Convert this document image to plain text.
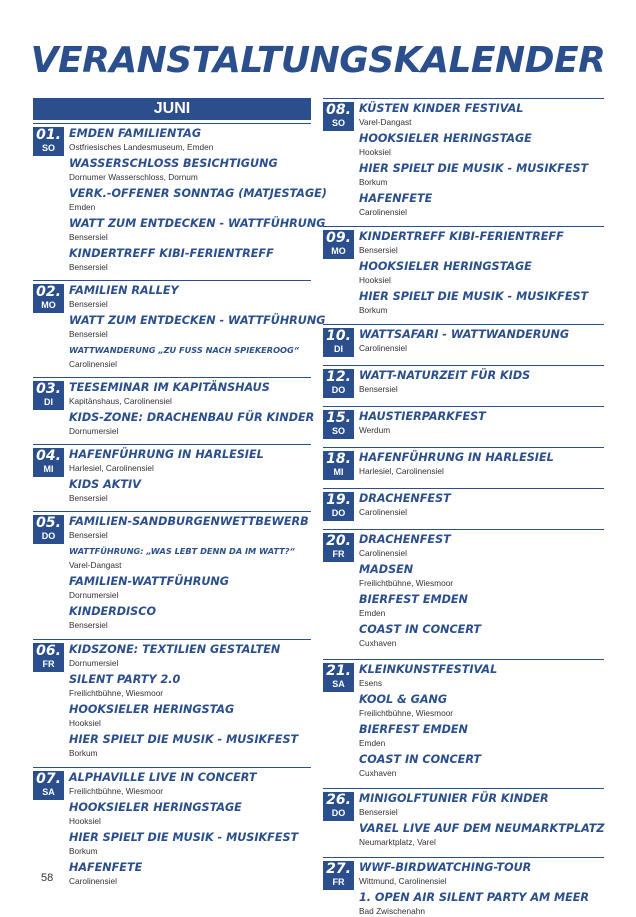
VERANSTALTUNGSKALENDER
JUNI
01.
SO
EMDEN FAMILIENTAG
Ostfriesisches Landesmuseum, Emden
WASSERSCHLOSS BESICHTIGUNG
Dornumer Wasserschloss, Dornum
VERK.-OFFENER SONNTAG (MATJESTAGE)
Emden
WATT ZUM ENTDECKEN - WATTFÜHRUNG
Bensersiel
KINDERTREFF KIBI-FERIENTREFF
Bensersiel
02.
MO
FAMILIEN RALLEY
Bensersiel
WATT ZUM ENTDECKEN - WATTFÜHRUNG
Bensersiel
WATTWANDERUNG „ZU FUSS NACH SPIEKEROOG“
Carolinensiel
03.
DI
TEESEMINAR IM KAPITÄNSHAUS
Kapitänshaus, Carolinensiel
KIDS-ZONE: DRACHENBAU FÜR KINDER
Dornumersiel
04.
MI
HAFENFÜHRUNG IN HARLESIEL
Harlesiel, Carolinensiel
KIDS AKTIV
Bensersiel
05.
DO
FAMILIEN-SANDBURGENWETTBEWERB
Bensersiel
WATTFÜHRUNG: „WAS LEBT DENN DA IM WATT?“
Varel-Dangast
FAMILIEN-WATTFÜHRUNG
Dornumersiel
KINDERDISCO
Bensersiel
06.
FR
KIDSZONE: TEXTILIEN GESTALTEN
Dornumersiel
SILENT PARTY 2.0
Freilichtbühne, Wiesmoor
HOOKSIELER HERINGSTAG
Hooksiel
HIER SPIELT DIE MUSIK - MUSIKFEST
Borkum
07.
SA
ALPHAVILLE LIVE IN CONCERT
Freilichtbühne, Wiesmoor
HOOKSIELER HERINGSTAGE
Hooksiel
HIER SPIELT DIE MUSIK - MUSIKFEST
Borkum
HAFENFETE
Carolinensiel
08.
SO
KÜSTEN KINDER FESTIVAL
Varel-Dangast
HOOKSIELER HERINGSTAGE
Hooksiel
HIER SPIELT DIE MUSIK - MUSIKFEST
Borkum
HAFENFETE
Carolinensiel
09.
MO
KINDERTREFF KIBI-FERIENTREFF
Bensersiel
HOOKSIELER HERINGSTAGE
Hooksiel
HIER SPIELT DIE MUSIK - MUSIKFEST
Borkum
10.
DI
WATTSAFARI - WATTWANDERUNG
Carolinensiel
12.
DO
WATT-NATURZEIT FÜR KIDS
Bensersiel
15.
SO
HAUSTIERPARKFEST
Werdum
18.
MI
HAFENFÜHRUNG IN HARLESIEL
Harlesiel, Carolinensiel
19.
DO
DRACHENFEST
Carolinensiel
20.
FR
DRACHENFEST
Carolinensiel
MADSEN
Freilichtbühne, Wiesmoor
BIERFEST EMDEN
Emden
COAST IN CONCERT
Cuxhaven
21.
SA
KLEINKUNSTFESTIVAL
Esens
KOOL & GANG
Freilichtbühne, Wiesmoor
BIERFEST EMDEN
Emden
COAST IN CONCERT
Cuxhaven
26.
DO
MINIGOLFTUNIER FÜR KINDER
Bensersiel
VAREL LIVE AUF DEM NEUMARKTPLATZ
Neumarktplatz, Varel
27.
FR
WWF-BIRDWATCHING-TOUR
Wittmund, Carolinensiel
1. OPEN AIR SILENT PARTY AM MEER
Bad Zwischenahn
58
